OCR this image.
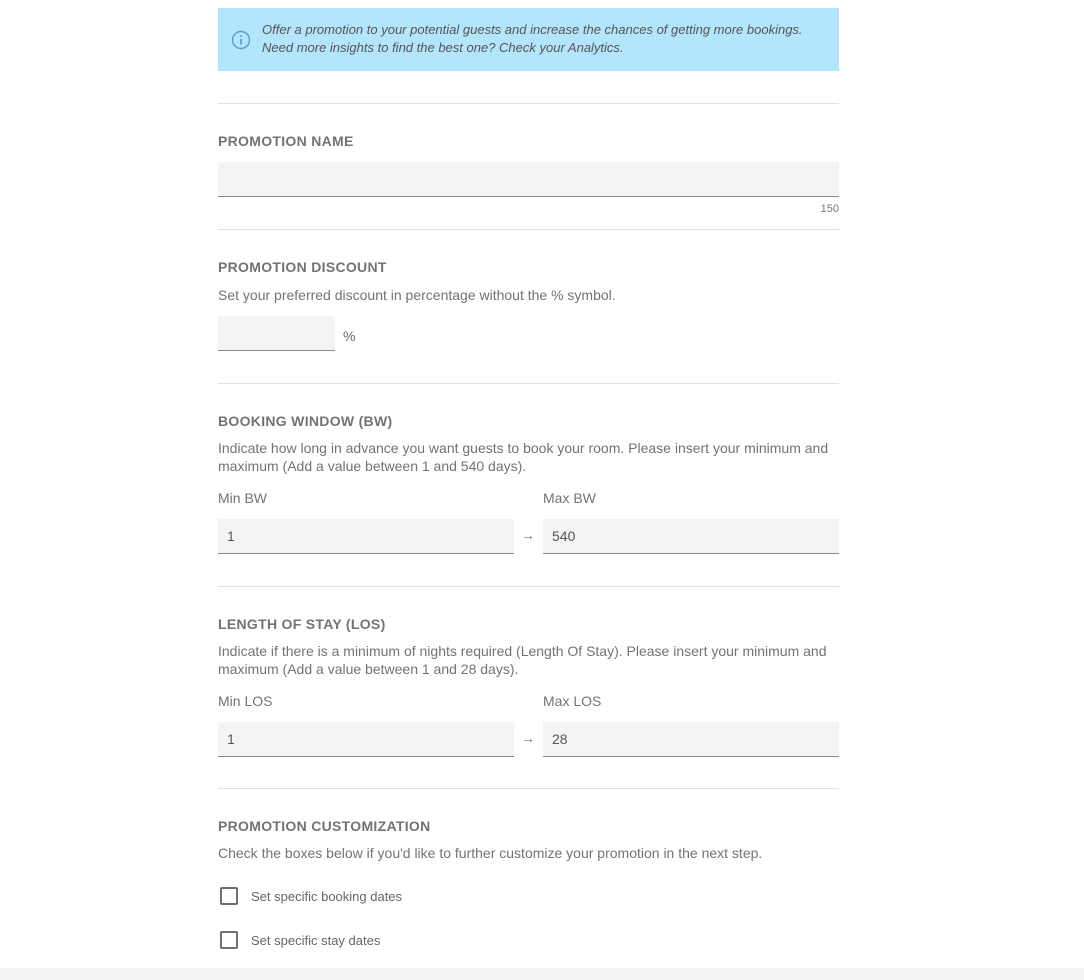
Offer a promotion to your potential guests and increase the chances of getting more bookings. Need more insights to find the best one? Check your Analytics.
PROMOTION NAME
150
PROMOTION DISCOUNT
Set your preferred discount in percentage without the % symbol.
%
BOOKING WINDOW (BW)
Indicate how long in advance you want guests to book your room. Please insert your minimum and maximum (Add a value between 1 and 540 days).
Min BW	Max BW
1
→
540
LENGTH OF STAY (LOS)
Indicate if there is a minimum of nights required (Length Of Stay). Please insert your minimum and maximum (Add a value between 1 and 28 days).
Min LOS	Max LOS
1
→
28
PROMOTION CUSTOMIZATION
Check the boxes below if you'd like to further customize your promotion in the next step.
Set specific booking dates
Set specific stay dates
